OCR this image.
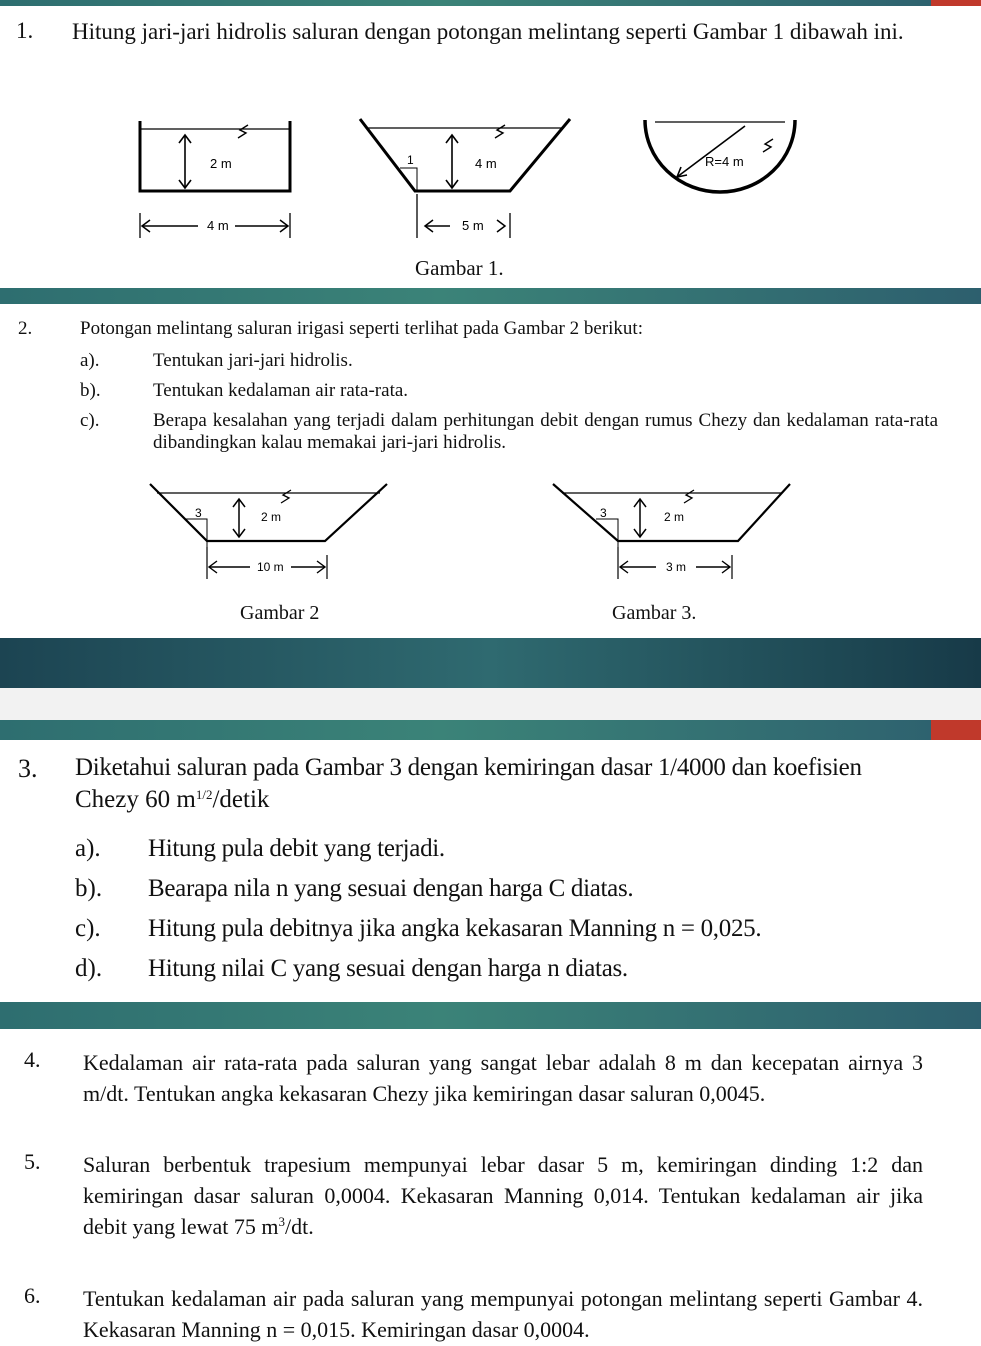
1. Hitung jari-jari hidrolis saluran dengan potongan melintang seperti Gambar 1 dibawah ini.
2 m
4 m
1	4 m
5 m
R=4 m
Gambar 1.
2.	Potongan melintang saluran irigasi seperti terlihat pada Gambar 2 berikut:
a).	Tentukan jari-jari hidrolis.
b).	Tentukan kedalaman air rata-rata.
c).	Berapa kesalahan yang terjadi dalam perhitungan debit dengan rumus Chezy dan kedalaman rata-rata dibandingkan kalau memakai jari-jari hidrolis.
3	2 m
10 m
Gambar 2
3	2 m
3 m
Gambar 3.
3. Diketahui saluran pada Gambar 3 dengan kemiringan dasar 1/4000 dan koefisien
Chezy 60 $m^{1/2}$/detik
a). Hitung pula debit yang terjadi.
b). Bearapa nila n yang sesuai dengan harga C diatas.
c). Hitung pula debitnya jika angka kekasaran Manning n = 0,025.
d). Hitung nilai C yang sesuai dengan harga n diatas.
4. Kedalaman air rata-rata pada saluran yang sangat lebar adalah 8 m dan kecepatan airnya 3 m/dt. Tentukan angka kekasaran Chezy jika kemiringan dasar saluran 0,0045.
5. Saluran berbentuk trapesium mempunyai lebar dasar 5 m, kemiringan dinding 1:2 dan kemiringan dasar saluran 0,0004. Kekasaran Manning 0,014. Tentukan kedalaman air jika debit yang lewat 75 $m^3/dt$.
6. Tentukan kedalaman air pada saluran yang mempunyai potongan melintang seperti Gambar 4. Kekasaran Manning n = 0,015. Kemiringan dasar 0,0004.
